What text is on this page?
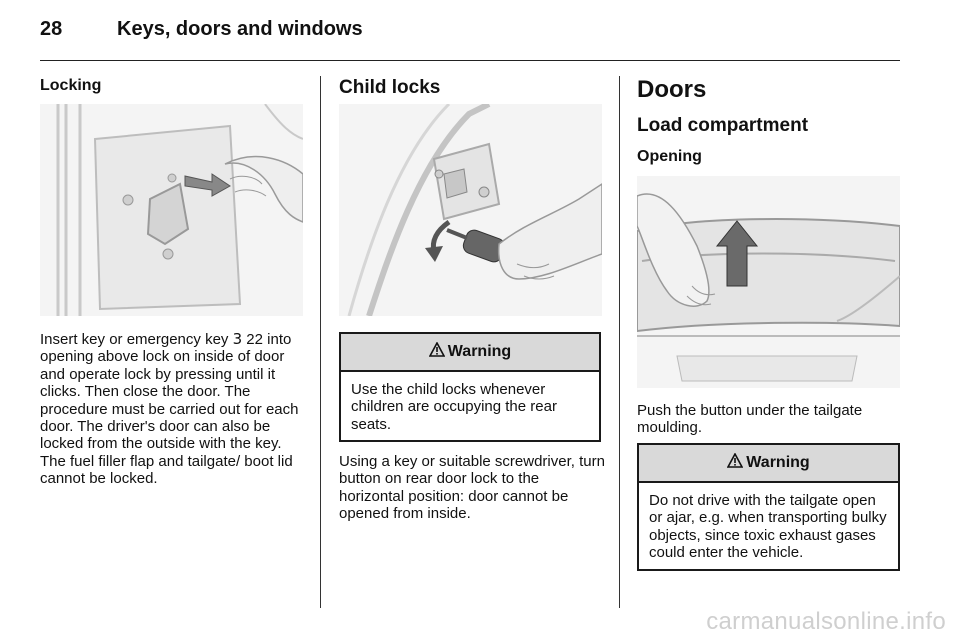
28	Keys, doors and windows
Locking
Insert key or emergency key 3 22 into opening above lock on inside of door and operate lock by pressing until it clicks. Then close the door. The procedure must be carried out for each door. The driver's door can also be locked from the outside with the key. The fuel filler flap and tailgate/ boot lid cannot be locked.
Child locks
Warning
Use the child locks whenever children are occupying the rear seats.
Using a key or suitable screwdriver, turn button on rear door lock to the horizontal position: door cannot be opened from inside.
Doors
Load compartment
Opening
Push the button under the tailgate moulding.
Warning
Do not drive with the tailgate open or ajar, e.g. when transporting bulky objects, since toxic exhaust gases could enter the vehicle.
carmanualsonline.info
